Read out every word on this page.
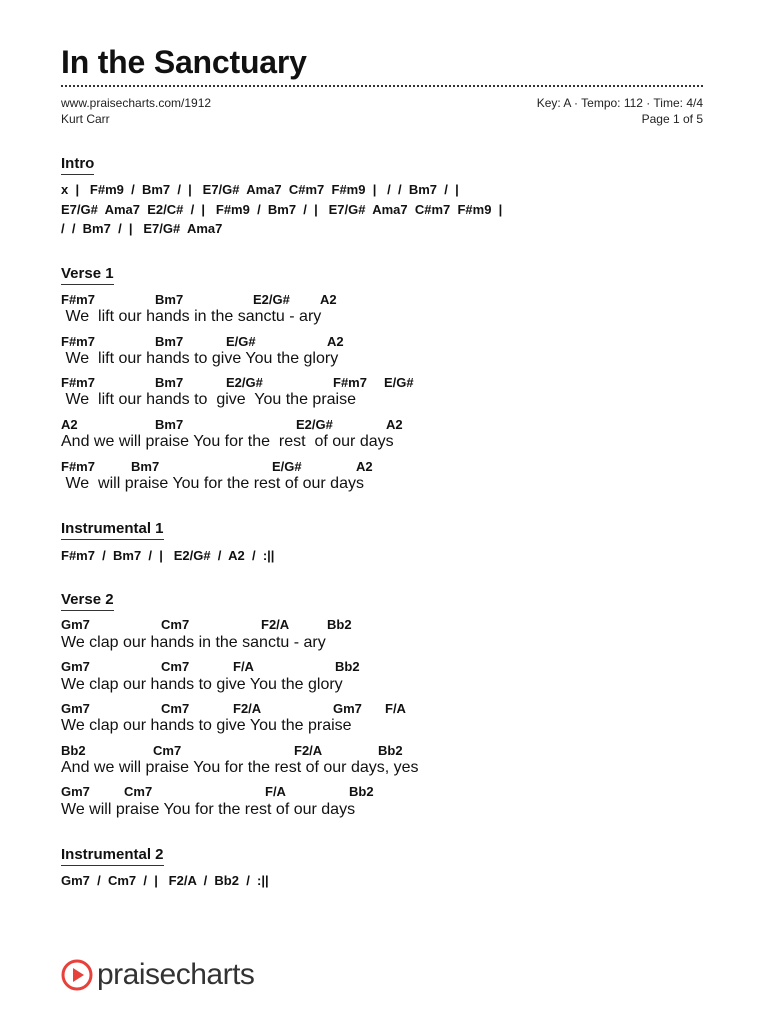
In the Sanctuary
www.praisecharts.com/1912
Kurt Carr
Key: A · Tempo: 112 · Time: 4/4
Page 1 of 5
Intro
x  |   F#m9  /  Bm7  /  |   E7/G#  Ama7  C#m7  F#m9  |   /  /  Bm7  /  |
E7/G#  Ama7  E2/C#  /  |   F#m9  /  Bm7  /  |   E7/G#  Ama7  C#m7  F#m9  |
/  /  Bm7  /  |   E7/G#  Ama7
Verse 1
F#m7	Bm7	E2/G# A2
We  lift our hands in the sanctu - ary
F#m7	Bm7	E/G#	A2
We  lift our hands to give You the glory
F#m7	Bm7	E2/G#	F#m7 E/G#
We  lift our hands to  give  You the praise
A2	Bm7	E2/G#	A2
And we will praise You for the  rest  of our days
F#m7	Bm7	E/G#	A2
We  will praise You for the rest of our days
Instrumental 1
F#m7  /  Bm7  /  |   E2/G#  /  A2  /  :||
Verse 2
Gm7	Cm7	F2/A	Bb2
We clap our hands in the sanctu - ary
Gm7	Cm7	F/A	Bb2
We clap our hands to give You the glory
Gm7	Cm7	F2/A	Gm7 F/A
We clap our hands to give You the praise
Bb2	Cm7	F2/A	Bb2
And we will praise You for the rest of our days, yes
Gm7	Cm7	F/A	Bb2
We will praise You for the rest of our days
Instrumental 2
Gm7  /  Cm7  /  |   F2/A  /  Bb2  /  :||
praisecharts
